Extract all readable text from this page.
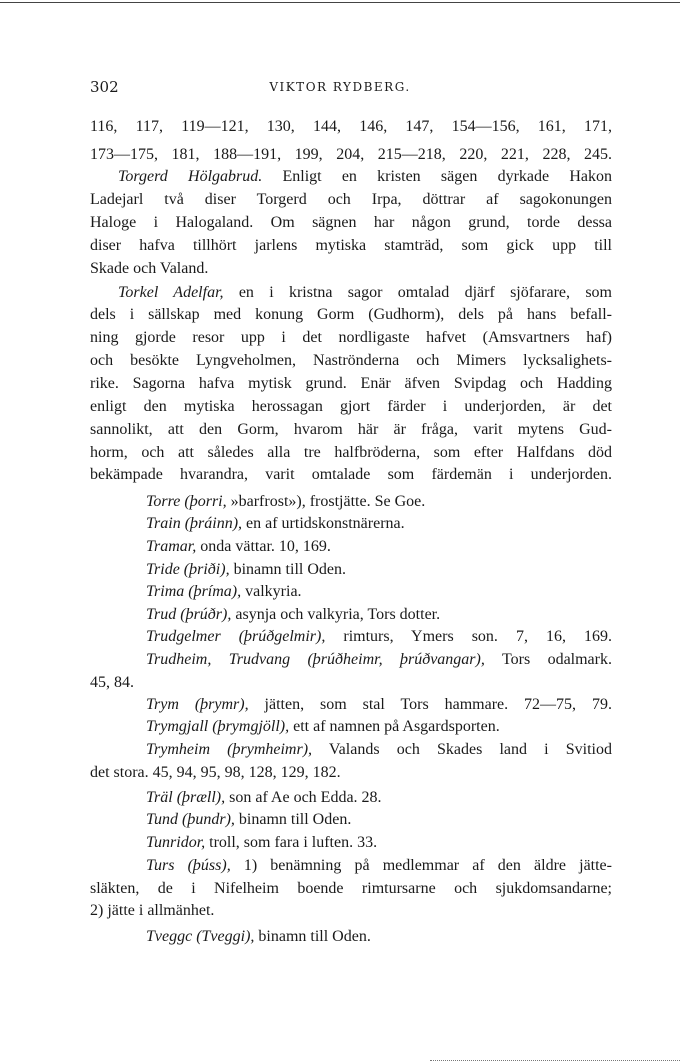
302	VIKTOR RYDBERG.
116, 117, 119—121, 130, 144, 146, 147, 154—156, 161, 171,
173—175, 181, 188—191, 199, 204, 215—218, 220, 221, 228, 245.
Torgerd Hölgabrud. Enligt en kristen sägen dyrkade Hakon
Ladejarl två diser Torgerd och Irpa, döttrar af sagokonungen
Haloge i Halogaland. Om sägnen har någon grund, torde dessa
diser hafva tillhört jarlens mytiska stamträd, som gick upp till
Skade och Valand.
Torkel Adelfar, en i kristna sagor omtalad djärf sjöfarare, som
dels i sällskap med konung Gorm (Gudhorm), dels på hans befall-
ning gjorde resor upp i det nordligaste hafvet (Amsvartners haf)
och besökte Lyngveholmen, Naströnderna och Mimers lycksalighets-
rike. Sagorna hafva mytisk grund. Enär äfven Svipdag och Hadding
enligt den mytiska herossagan gjort färder i underjorden, är det
sannolikt, att den Gorm, hvarom här är fråga, varit mytens Gud-
horm, och att således alla tre halfbröderna, som efter Halfdans död
bekämpade hvarandra, varit omtalade som färdemän i underjorden.
Torre (þorri, »barfrost»), frostjätte. Se Goe.
Train (þráinn), en af urtidskonstnärerna.
Tramar, onda vättar. 10, 169.
Tride (þriði), binamn till Oden.
Trima (þríma), valkyria.
Trud (þrúðr), asynja och valkyria, Tors dotter.
Trudgelmer (þrúðgelmir), rimturs, Ymers son. 7, 16, 169.
Trudheim, Trudvang (þrúðheimr, þrúðvangar), Tors odalmark.
45, 84.
Trym (þrymr), jätten, som stal Tors hammare. 72—75, 79.
Trymgjall (þrymgjöll), ett af namnen på Asgardsporten.
Trymheim (þrymheimr), Valands och Skades land i Svitiod
det stora. 45, 94, 95, 98, 128, 129, 182.
Träl (þræll), son af Ae och Edda. 28.
Tund (þundr), binamn till Oden.
Tunridor, troll, som fara i luften. 33.
Turs (þúss), 1) benämning på medlemmar af den äldre jätte-
släkten, de i Nifelheim boende rimtursarne och sjukdomsandarne;
2) jätte i allmänhet.
Tveggc (Tveggi), binamn till Oden.
